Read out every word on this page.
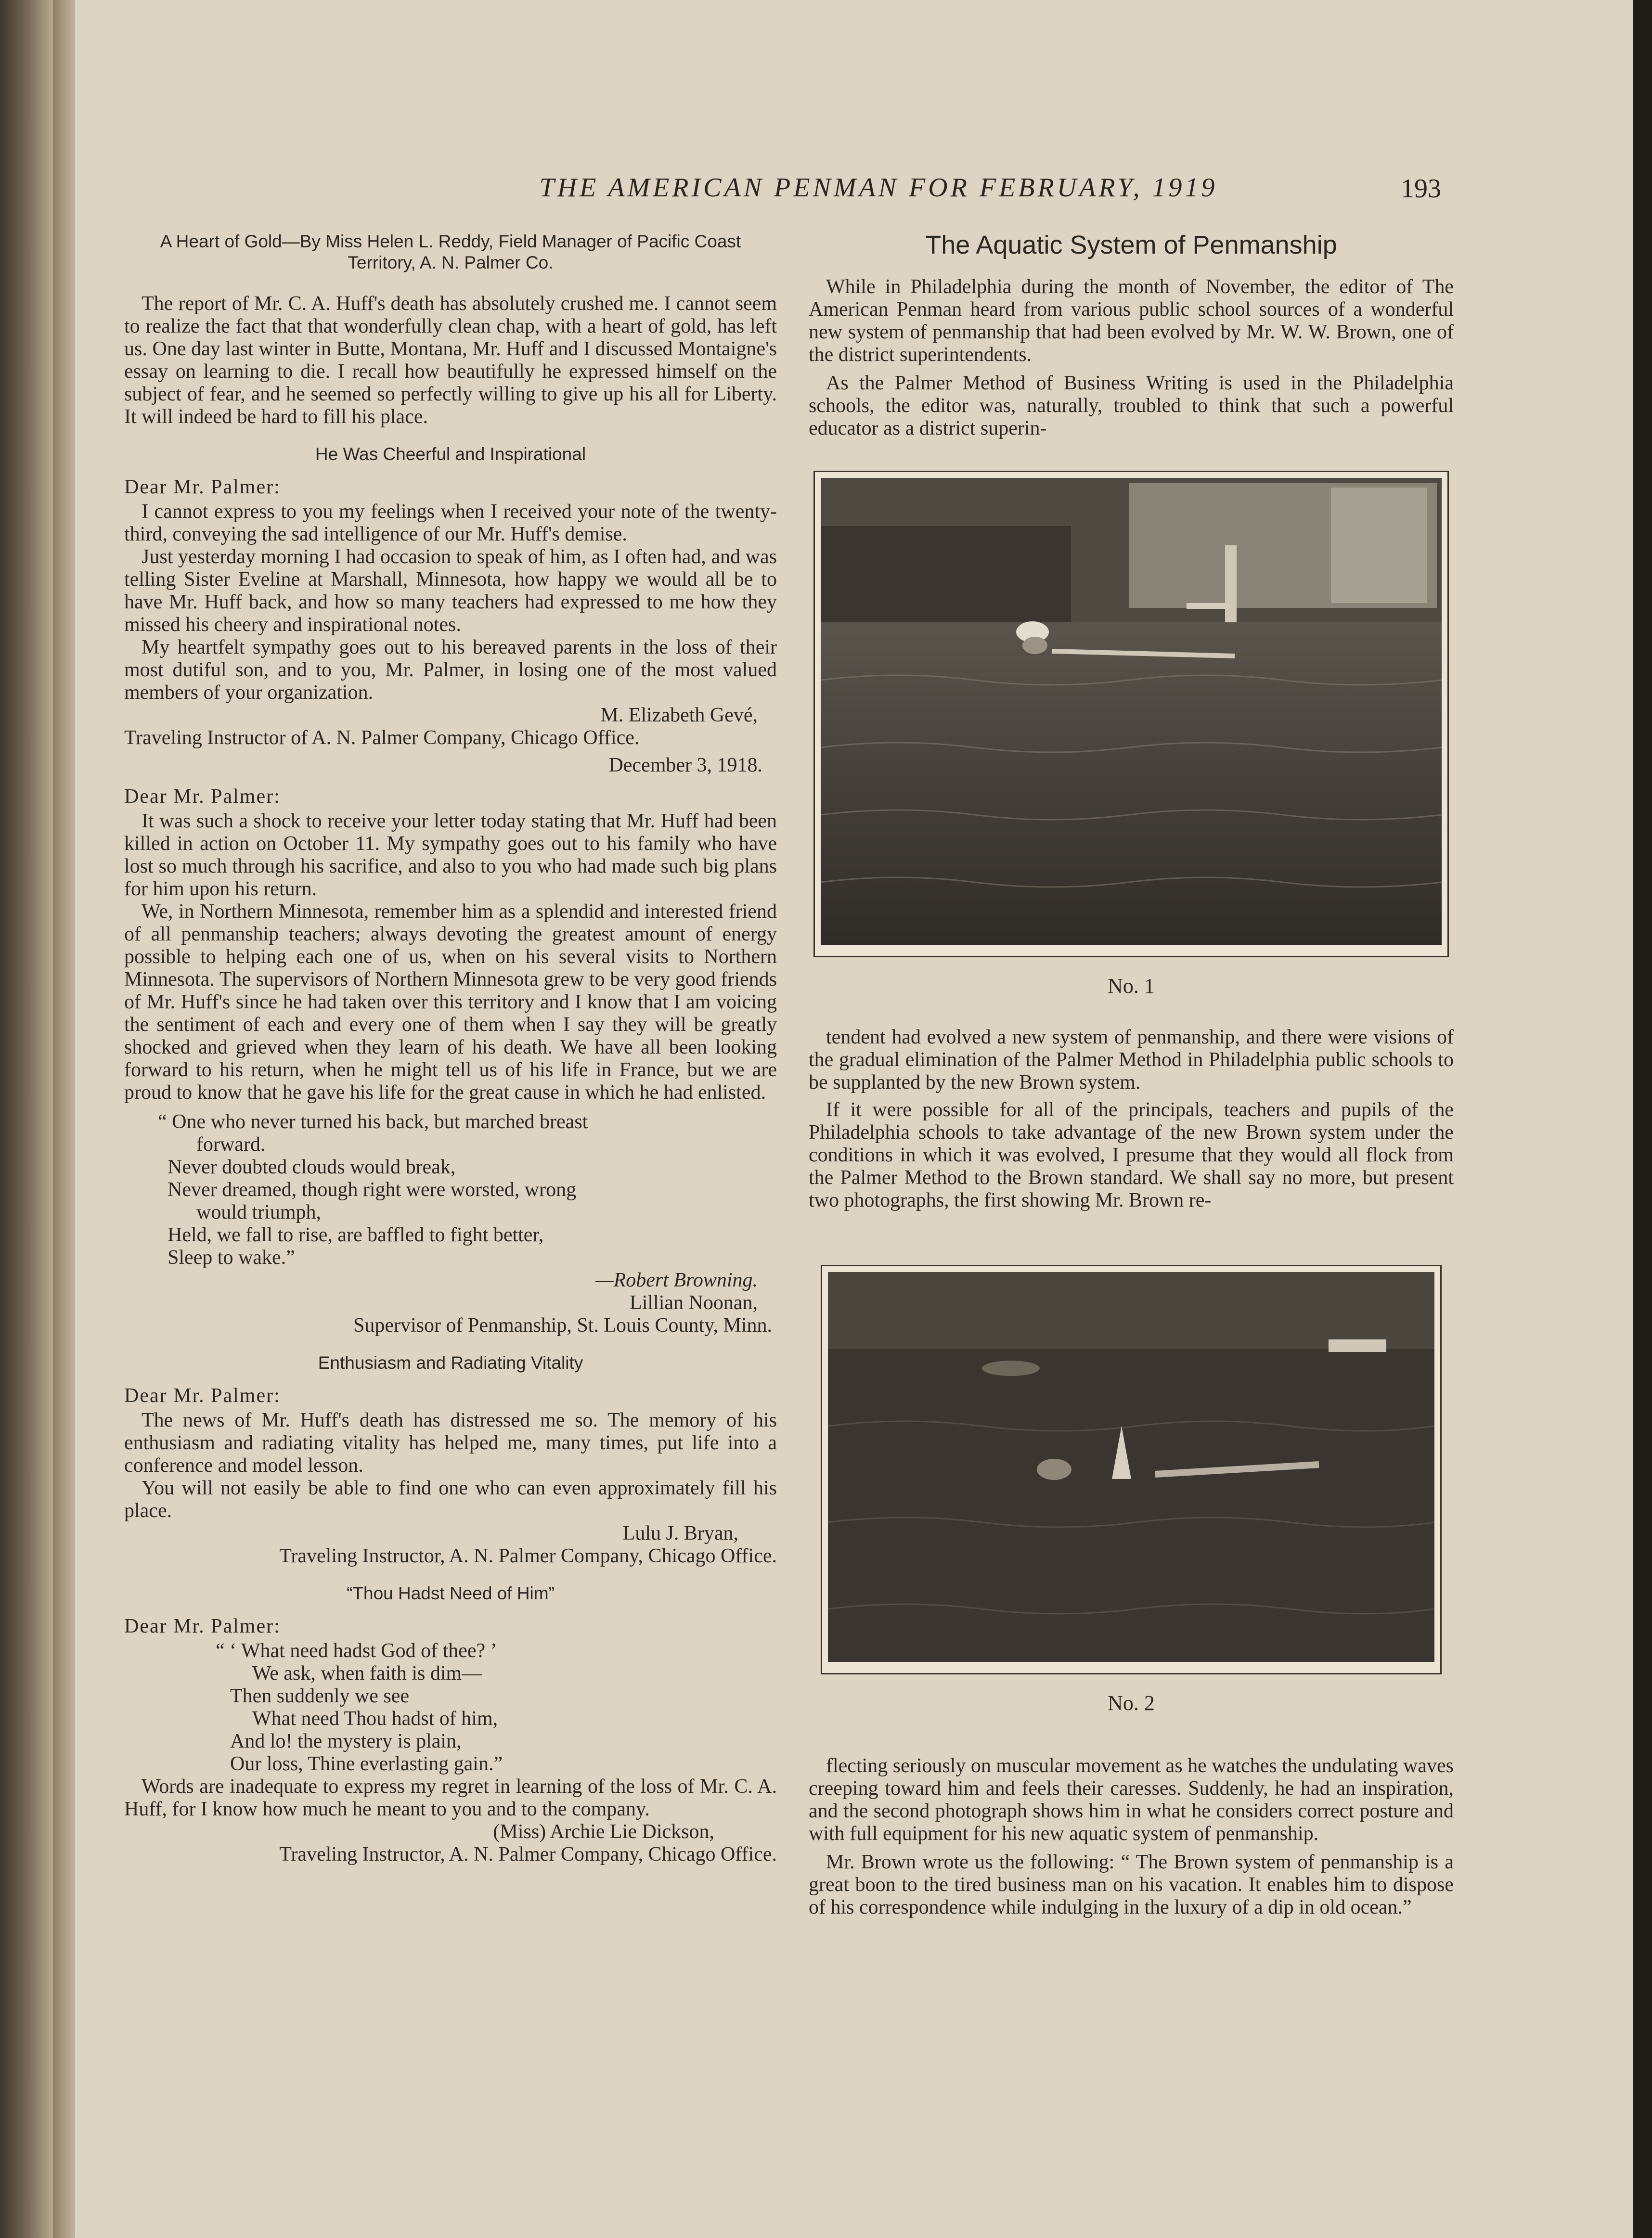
THE AMERICAN PENMAN FOR FEBRUARY, 1919	193

A Heart of Gold—By Miss Helen L. Reddy, Field Manager of Pacific Coast Territory, A. N. Palmer Co.

The report of Mr. C. A. Huff's death has absolutely crushed me. I cannot seem to realize the fact that that wonderfully clean chap, with a heart of gold, has left us. One day last winter in Butte, Montana, Mr. Huff and I discussed Montaigne's essay on learning to die. I recall how beautifully he expressed himself on the subject of fear, and he seemed so perfectly willing to give up his all for Liberty. It will indeed be hard to fill his place.

He Was Cheerful and Inspirational

Dear Mr. Palmer:

I cannot express to you my feelings when I received your note of the twenty-third, conveying the sad intelligence of our Mr. Huff's demise.

Just yesterday morning I had occasion to speak of him, as I often had, and was telling Sister Eveline at Marshall, Minnesota, how happy we would all be to have Mr. Huff back, and how so many teachers had expressed to me how they missed his cheery and inspirational notes.

My heartfelt sympathy goes out to his bereaved parents in the loss of their most dutiful son, and to you, Mr. Palmer, in losing one of the most valued members of your organization.

M. Elizabeth Gevé,

Traveling Instructor of A. N. Palmer Company, Chicago Office.

December 3, 1918.

Dear Mr. Palmer:

It was such a shock to receive your letter today stating that Mr. Huff had been killed in action on October 11. My sympathy goes out to his family who have lost so much through his sacrifice, and also to you who had made such big plans for him upon his return.

We, in Northern Minnesota, remember him as a splendid and interested friend of all penmanship teachers; always devoting the greatest amount of energy possible to helping each one of us, when on his several visits to Northern Minnesota. The supervisors of Northern Minnesota grew to be very good friends of Mr. Huff's since he had taken over this territory and I know that I am voicing the sentiment of each and every one of them when I say they will be greatly shocked and grieved when they learn of his death. We have all been looking forward to his return, when he might tell us of his life in France, but we are proud to know that he gave his life for the great cause in which he had enlisted.

“ One who never turned his back, but marched breast
forward.
Never doubted clouds would break,
Never dreamed, though right were worsted, wrong
would triumph,
Held, we fall to rise, are baffled to fight better,
Sleep to wake.”

—Robert Browning.

Lillian Noonan,

Supervisor of Penmanship, St. Louis County, Minn.

Enthusiasm and Radiating Vitality

Dear Mr. Palmer:

The news of Mr. Huff's death has distressed me so. The memory of his enthusiasm and radiating vitality has helped me, many times, put life into a conference and model lesson.

You will not easily be able to find one who can even approximately fill his place.

Lulu J. Bryan,

Traveling Instructor, A. N. Palmer Company, Chicago Office.

“Thou Hadst Need of Him”

Dear Mr. Palmer:

“ ‘ What need hadst God of thee? ’
We ask, when faith is dim—
Then suddenly we see
What need Thou hadst of him,
And lo! the mystery is plain,
Our loss, Thine everlasting gain.”

Words are inadequate to express my regret in learning of the loss of Mr. C. A. Huff, for I know how much he meant to you and to the company.

(Miss) Archie Lie Dickson,

Traveling Instructor, A. N. Palmer Company, Chicago Office.

The Aquatic System of Penmanship

While in Philadelphia during the month of November, the editor of The American Penman heard from various public school sources of a wonderful new system of penmanship that had been evolved by Mr. W. W. Brown, one of the district superintendents.

As the Palmer Method of Business Writing is used in the Philadelphia schools, the editor was, naturally, troubled to think that such a powerful educator as a district superin-

No. 1

tendent had evolved a new system of penmanship, and there were visions of the gradual elimination of the Palmer Method in Philadelphia public schools to be supplanted by the new Brown system.

If it were possible for all of the principals, teachers and pupils of the Philadelphia schools to take advantage of the new Brown system under the conditions in which it was evolved, I presume that they would all flock from the Palmer Method to the Brown standard. We shall say no more, but present two photographs, the first showing Mr. Brown re-

No. 2

flecting seriously on muscular movement as he watches the undulating waves creeping toward him and feels their caresses. Suddenly, he had an inspiration, and the second photograph shows him in what he considers correct posture and with full equipment for his new aquatic system of penmanship.

Mr. Brown wrote us the following: “ The Brown system of penmanship is a great boon to the tired business man on his vacation. It enables him to dispose of his correspondence while indulging in the luxury of a dip in old ocean.”
